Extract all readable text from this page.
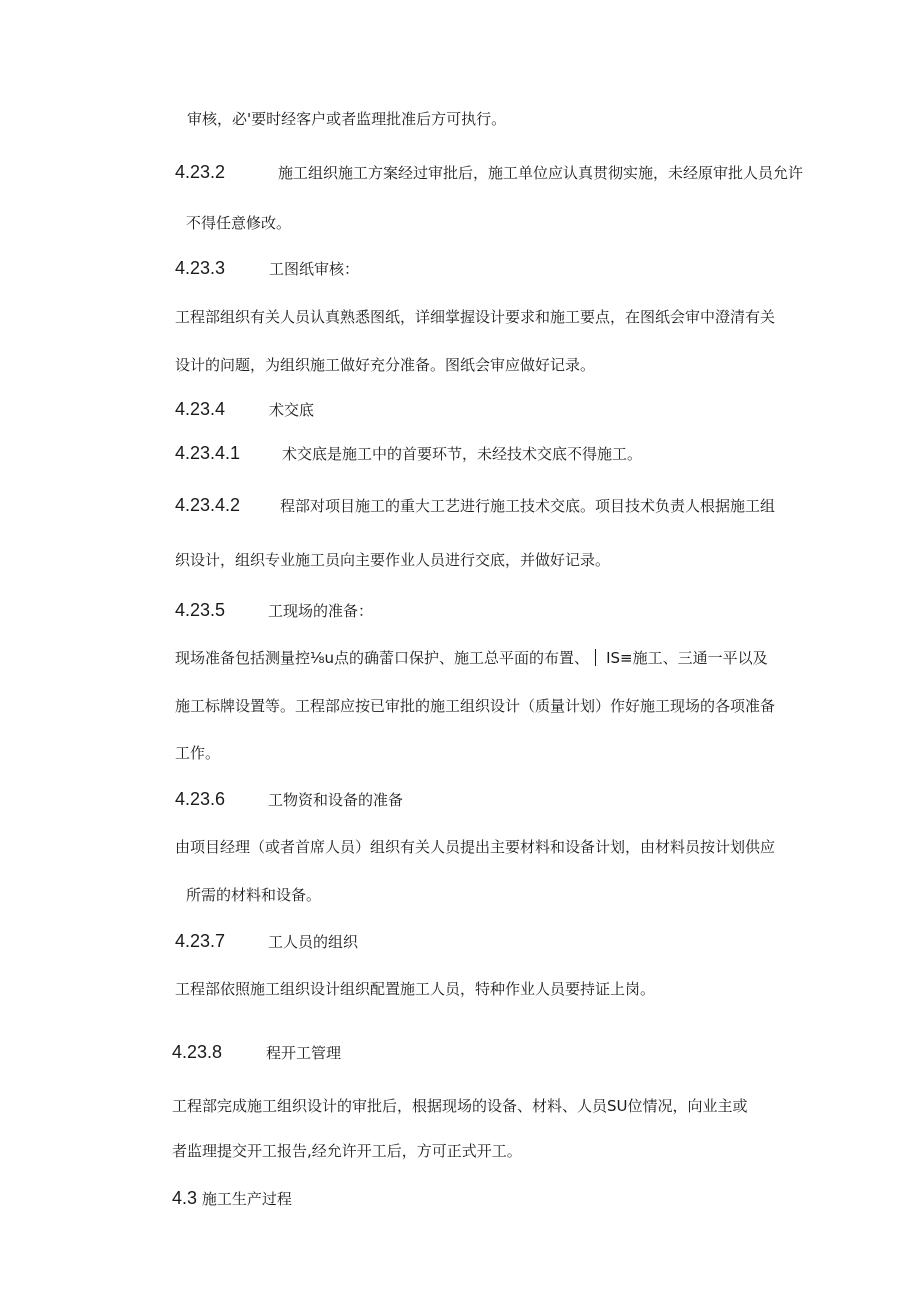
审核，必'要时经客户或者监理批准后方可执行。
4.23.2	施工组织施工方案经过审批后，施工单位应认真贯彻实施，未经原审批人员允许
不得任意修改。
4.23.3	工图纸审核：
工程部组织有关人员认真熟悉图纸，详细掌握设计要求和施工要点，在图纸会审中澄清有关
设计的问题，为组织施工做好充分准备。图纸会审应做好记录。
4.23.4	术交底
4.23.4.1	术交底是施工中的首要环节，未经技术交底不得施工。
4.23.4.2	程部对项目施工的重大工艺进行施工技术交底。项目技术负责人根据施工组
织设计，组织专业施工员向主要作业人员进行交底，并做好记录。
4.23.5	工现场的准备：
现场准备包括测量控⅛u点的确蕾口保护、施工总平面的布置、 IS≡施工、三通一平以及
施工标牌设置等。工程部应按已审批的施工组织设计（质量计划）作好施工现场的各项准备
工作。
4.23.6	工物资和设备的准备
由项目经理（或者首席人员）组织有关人员提出主要材料和设备计划，由材料员按计划供应
所需的材料和设备。
4.23.7	工人员的组织
工程部依照施工组织设计组织配置施工人员，特种作业人员要持证上岗。
4.23.8	程开工管理
工程部完成施工组织设计的审批后，根据现场的设备、材料、人员SU位情况，向业主或
者监理提交开工报告,经允许开工后，方可正式开工。
4.3 施工生产过程
